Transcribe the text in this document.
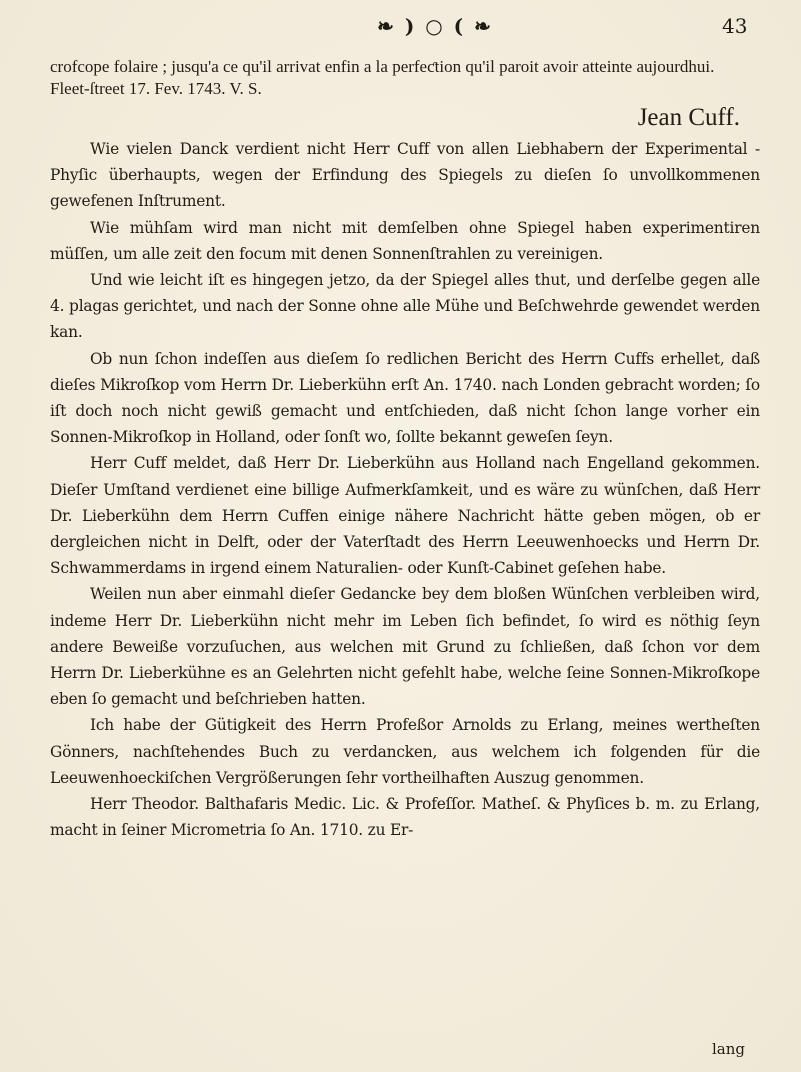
❧ ) ○ ( ❧	43

crofcope folaire ; jusqu'a ce qu'il arrivat enfin a la perfeƈtion qu'il paroit avoir atteinte aujourdhui.

Fleet-ſtreet 17. Fev. 1743. V. S.

Jean Cuff.

Wie vielen Danck verdient nicht Herr Cuff von allen Liebhabern der Experimental - Phyſic überhaupts, wegen der Erfindung des Spiegels zu dieſen ſo unvollkommenen gewefenen Inſtrument.

Wie mühſam wird man nicht mit demſelben ohne Spiegel haben experimentiren müſſen, um alle zeit den focum mit denen Sonnenſtrahlen zu vereinigen.

Und wie leicht iſt es hingegen jetzo, da der Spiegel alles thut, und derſelbe gegen alle 4. plagas gerichtet, und nach der Sonne ohne alle Mühe und Beſchwehrde gewendet werden kan.

Ob nun ſchon indeſſen aus dieſem ſo redlichen Bericht des Herrn Cuffs erhellet, daß dieſes Mikroſkop vom Herrn Dr. Lieberkühn erſt An. 1740. nach Londen gebracht worden; ſo iſt doch noch nicht gewiß gemacht und entſchieden, daß nicht ſchon lange vorher ein Sonnen-Mikroſkop in Holland, oder ſonſt wo, ſollte bekannt geweſen ſeyn.

Herr Cuff meldet, daß Herr Dr. Lieberkühn aus Holland nach Engelland gekommen. Dieſer Umſtand verdienet eine billige Aufmerkſamkeit, und es wäre zu wünſchen, daß Herr Dr. Lieberkühn dem Herrn Cuffen einige nähere Nachricht hätte geben mögen, ob er dergleichen nicht in Delft, oder der Vaterſtadt des Herrn Leeuwenhoecks und Herrn Dr. Schwammerdams in irgend einem Naturalien- oder Kunſt-Cabinet geſehen habe.

Weilen nun aber einmahl dieſer Gedancke bey dem bloßen Wünſchen verbleiben wird, indeme Herr Dr. Lieberkühn nicht mehr im Leben ſich befindet, ſo wird es nöthig ſeyn andere Beweiße vorzuſuchen, aus welchen mit Grund zu ſchließen, daß ſchon vor dem Herrn Dr. Lieberkühne es an Gelehrten nicht gefehlt habe, welche ſeine Sonnen-Mikroſkope eben ſo gemacht und beſchrieben hatten.

Ich habe der Gütigkeit des Herrn Profeßor Arnolds zu Erlang, meines wertheſten Gönners, nachſtehendes Buch zu verdancken, aus welchem ich folgenden für die Leeuwenhoeckiſchen Vergrößerungen ſehr vortheilhaften Auszug genommen.

Herr Theodor. Balthafaris Medic. Lic. & Profeſſor. Matheſ. & Phyſices b. m. zu Erlang, macht in ſeiner Micrometria ſo An. 1710. zu Er-

lang
